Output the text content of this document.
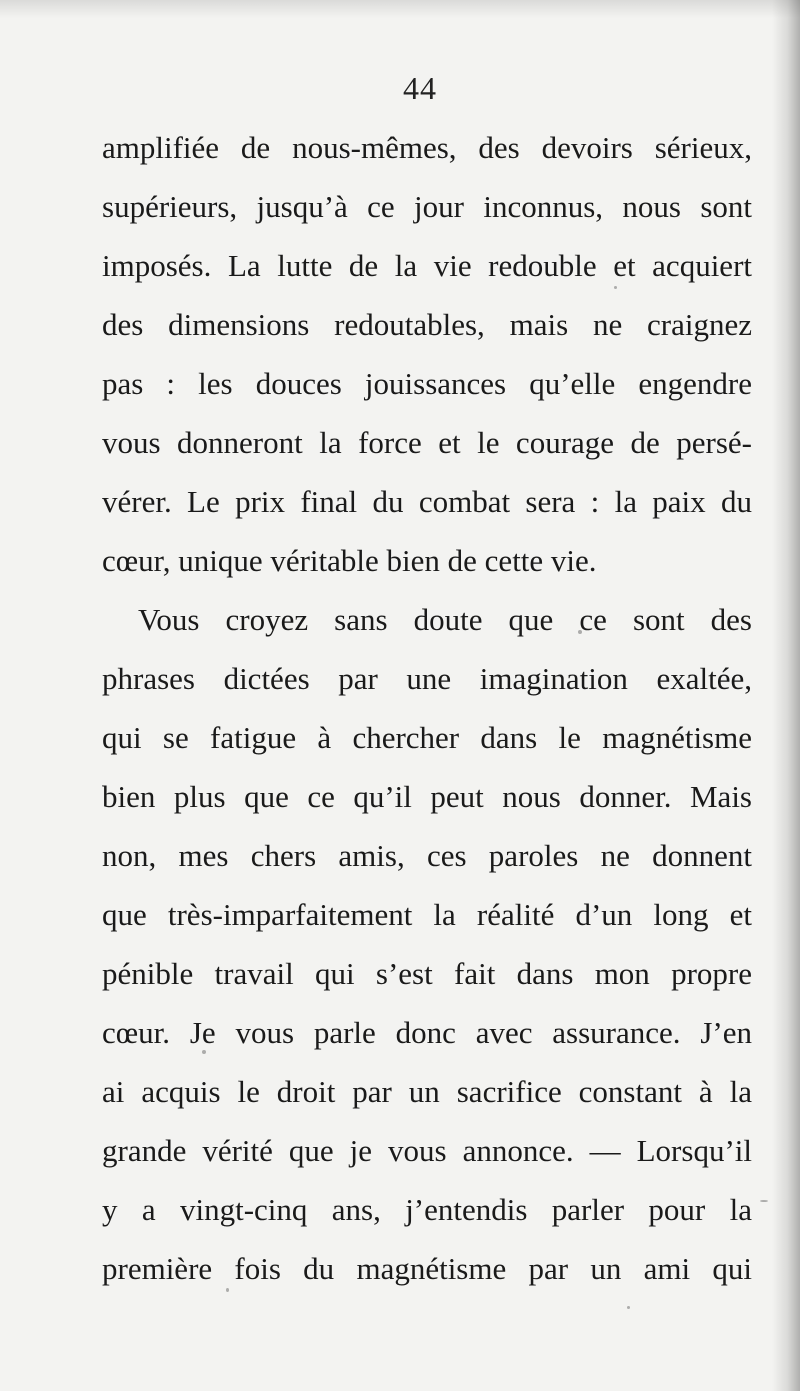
44
amplifiée de nous-mêmes, des devoirs sérieux,
supérieurs, jusqu’à ce jour inconnus, nous sont
imposés. La lutte de la vie redouble et acquiert
des dimensions redoutables, mais ne craignez
pas : les douces jouissances qu’elle engendre
vous donneront la force et le courage de persé-
vérer. Le prix final du combat sera : la paix du
cœur, unique véritable bien de cette vie.
Vous croyez sans doute que ce sont des
phrases dictées par une imagination exaltée,
qui se fatigue à chercher dans le magnétisme
bien plus que ce qu’il peut nous donner. Mais
non, mes chers amis, ces paroles ne donnent
que très-imparfaitement la réalité d’un long et
pénible travail qui s’est fait dans mon propre
cœur. Je vous parle donc avec assurance. J’en
ai acquis le droit par un sacrifice constant à la
grande vérité que je vous annonce. — Lorsqu’il
y a vingt-cinq ans, j’entendis parler pour la
première fois du magnétisme par un ami qui
